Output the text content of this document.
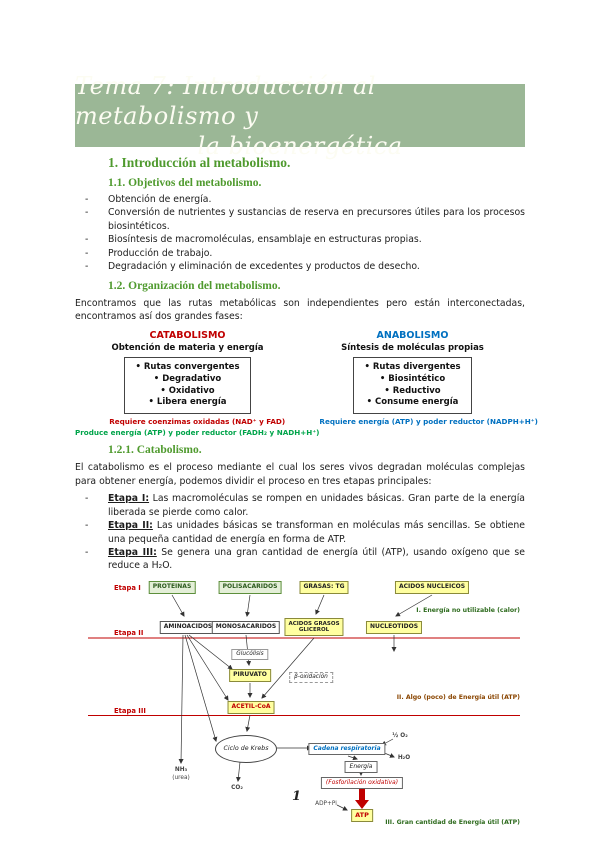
Tema 7: Introducción al metabolismo y
la bioenergética
1. Introducción al metabolismo.
1.1. Objetivos del metabolismo.
-
Obtención de energía.
-
Conversión de nutrientes y sustancias de reserva en precursores útiles para los procesos biosintéticos.
-
Biosíntesis de macromoléculas, ensamblaje en estructuras propias.
-
Producción de trabajo.
-
Degradación y eliminación de excedentes y productos de desecho.
1.2. Organización del metabolismo.
Encontramos que las rutas metabólicas son independientes pero están interconectadas, encontramos así dos grandes fases:
CATABOLISMO
Obtención de materia y energía
• Rutas convergentes
• Degradativo
• Oxidativo
• Libera energía
ANABOLISMO
Síntesis de moléculas propias
• Rutas divergentes
• Biosintético
• Reductivo
• Consume energía
Requiere coenzimas oxidadas (NAD⁺ y FAD)
Produce energía (ATP) y poder reductor (FADH₂ y NADH+H⁺)
Requiere energía (ATP) y poder reductor (NADPH+H⁺)
1.2.1. Catabolismo.
El catabolismo es el proceso mediante el cual los seres vivos degradan moléculas complejas para obtener energía, podemos dividir el proceso en tres etapas principales:
-
Etapa I: Las macromoléculas se rompen en unidades básicas. Gran parte de la energía liberada se pierde como calor.
-
Etapa II: Las unidades básicas se transforman en moléculas más sencillas. Se obtiene una pequeña cantidad de energía en forma de ATP.
-
Etapa III: Se genera una gran cantidad de energía útil (ATP), usando oxígeno que se reduce a H₂O.
Etapa I
Etapa II
Etapa III
PROTEINAS	POLISACARIDOS	GRASAS: TG	ACIDOS NUCLEICOS
AMINOACIDOS MONOSACARIDOS	ACIDOS GRASOS
GLICEROL
NUCLEOTIDOS
Glucólisis
PIRUVATO	β-oxidación
ACETIL-CoA
Ciclo de Krebs	Cadena respiratoria
Energía
(Fosforilación oxidativa)
ATP
NH₃
(urea)
CO₂
½ O₂
H₂O
ADP+Pi
I. Energía no utilizable (calor)
II. Algo (poco) de Energía útil (ATP)
III. Gran cantidad de Energía útil (ATP)
1
